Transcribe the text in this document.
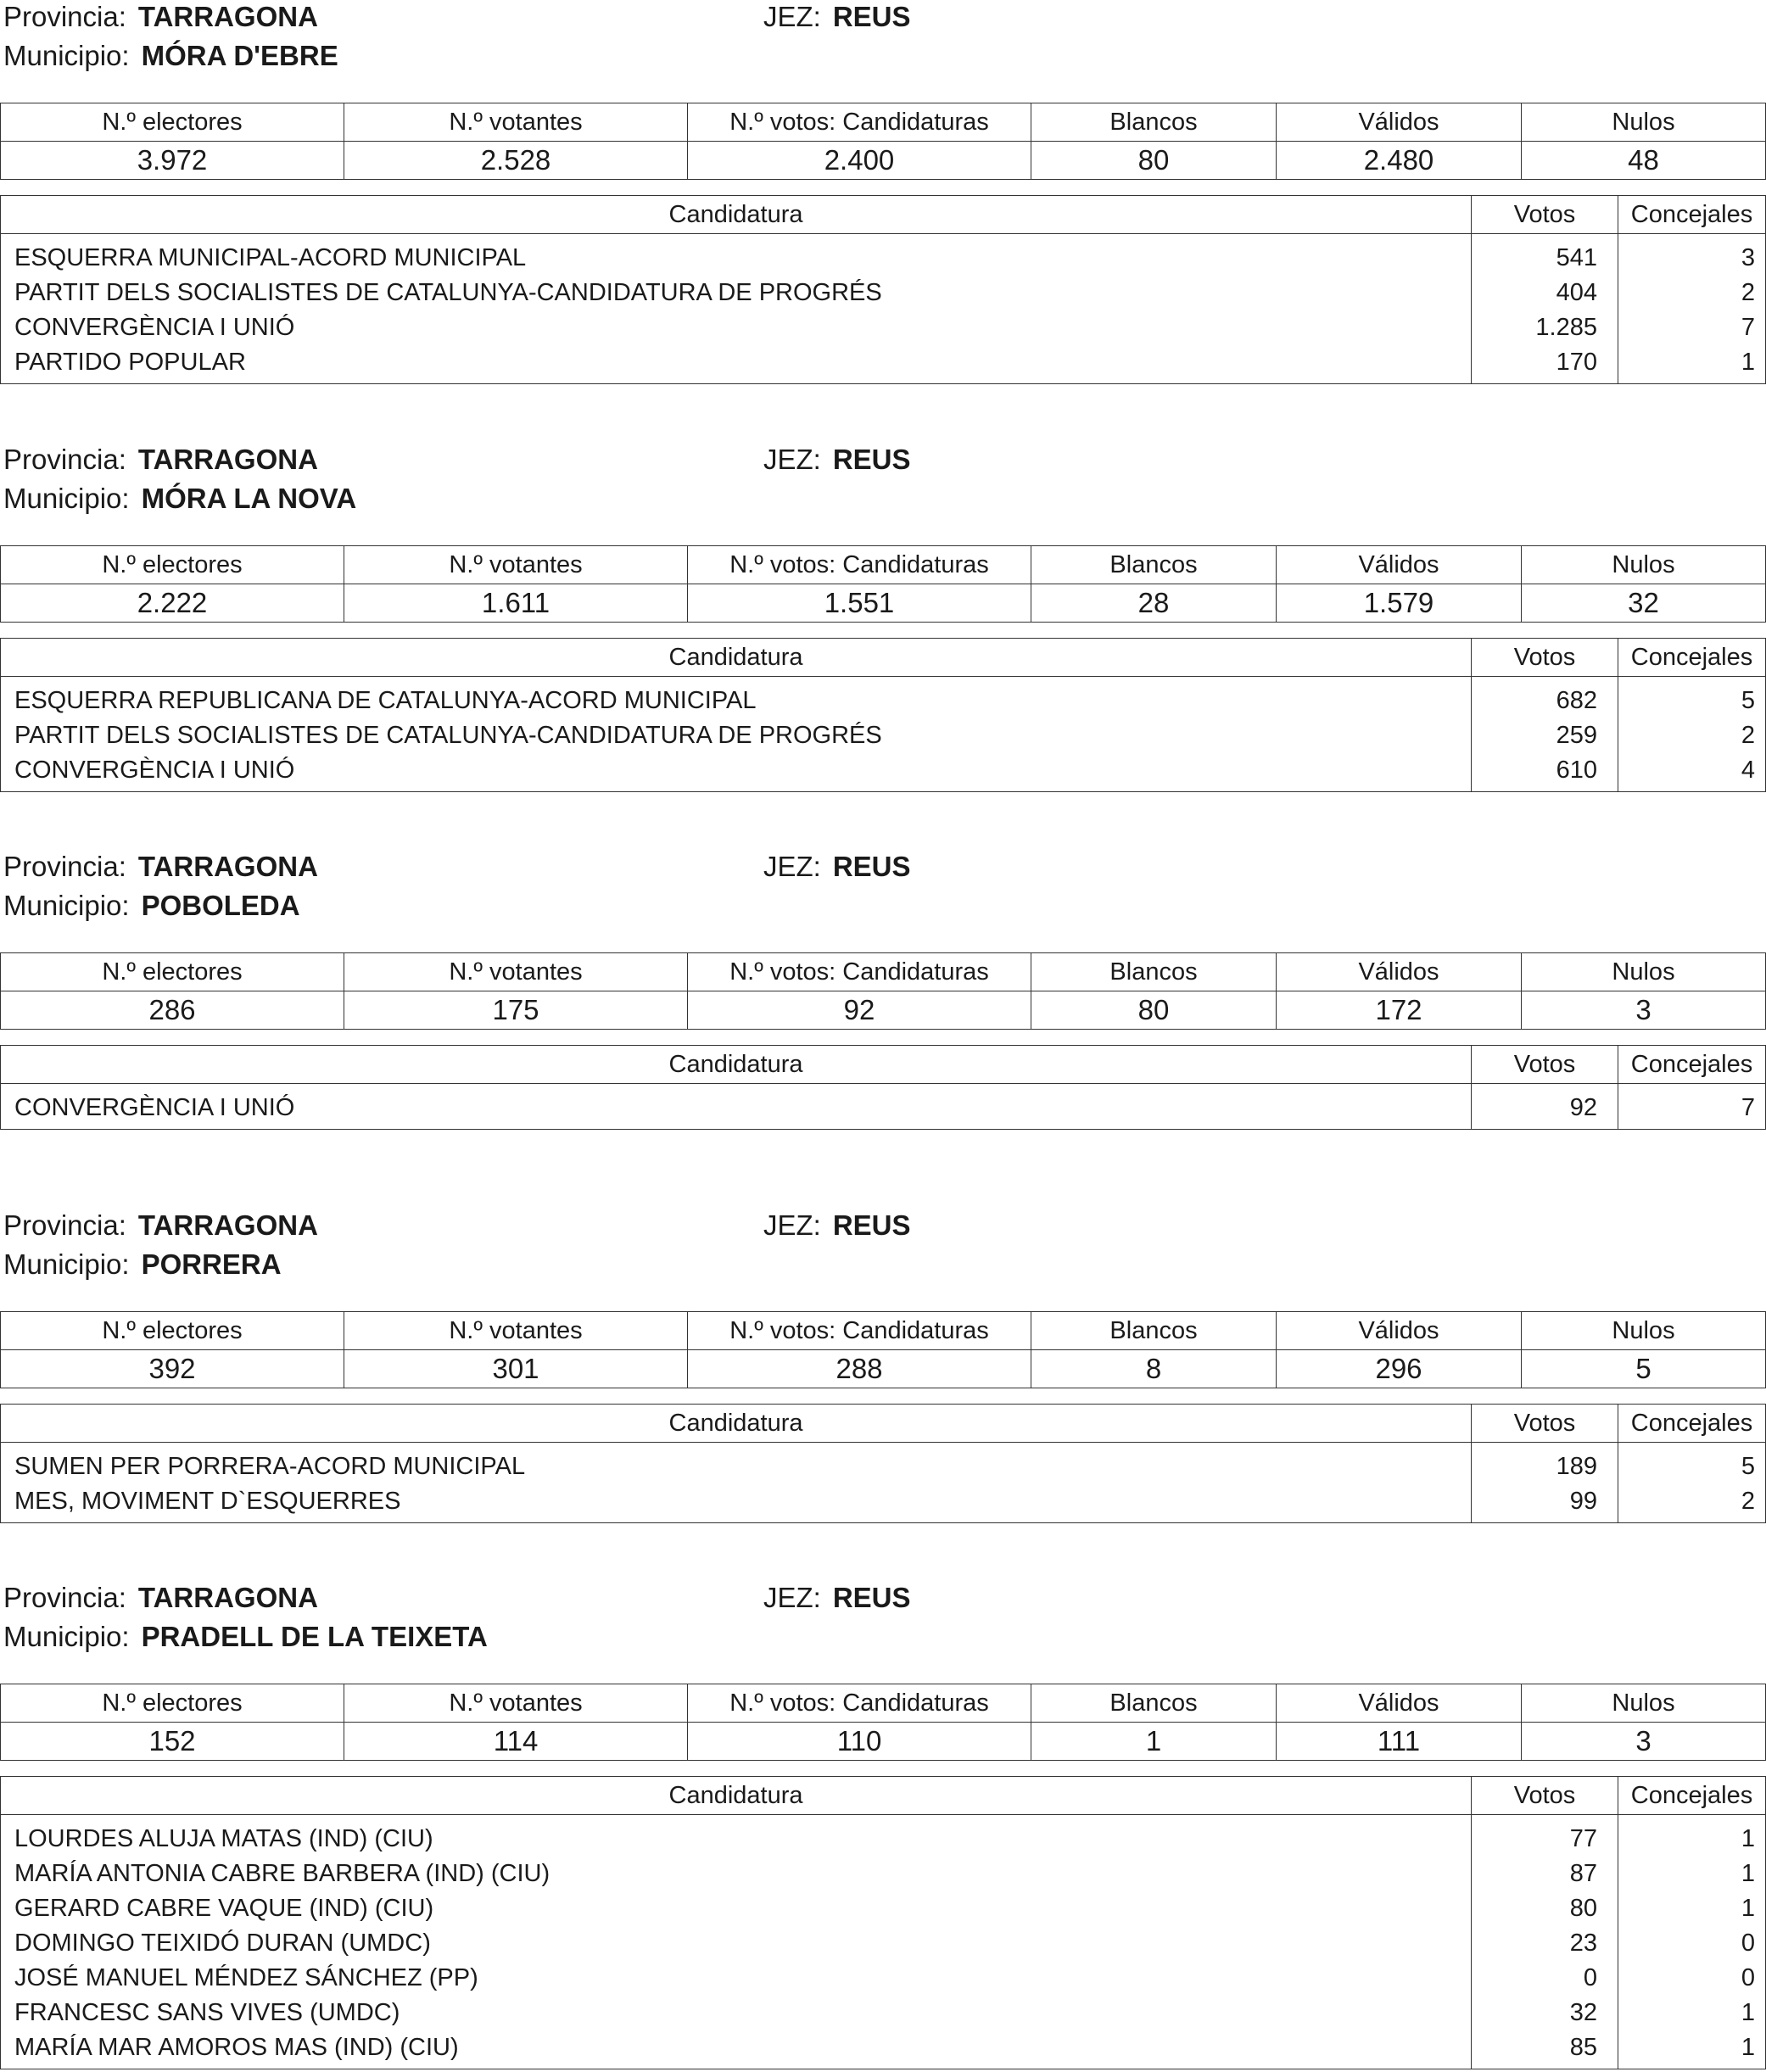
Provincia: TARRAGONA	JEZ: REUS
Municipio: MÓRA D'EBRE
N.º electores	N.º votantes	N.º votos: Candidaturas	Blancos	Válidos	Nulos
3.972	2.528	2.400	80	2.480	48
Candidatura	Votos	Concejales

ESQUERRA MUNICIPAL-ACORD MUNICIPAL	541	3
PARTIT DELS SOCIALISTES DE CATALUNYA-CANDIDATURA DE PROGRÉS	404	2
CONVERGÈNCIA I UNIÓ	1.285	7
PARTIDO POPULAR	170	1

Provincia: TARRAGONA	JEZ: REUS
Municipio: MÓRA LA NOVA
N.º electores	N.º votantes	N.º votos: Candidaturas	Blancos	Válidos	Nulos
2.222	1.611	1.551	28	1.579	32
Candidatura	Votos	Concejales

ESQUERRA REPUBLICANA DE CATALUNYA-ACORD MUNICIPAL	682	5
PARTIT DELS SOCIALISTES DE CATALUNYA-CANDIDATURA DE PROGRÉS	259	2
CONVERGÈNCIA I UNIÓ	610	4

Provincia: TARRAGONA	JEZ: REUS
Municipio: POBOLEDA
N.º electores	N.º votantes	N.º votos: Candidaturas	Blancos	Válidos	Nulos
286	175	92	80	172	3
Candidatura	Votos	Concejales

CONVERGÈNCIA I UNIÓ	92	7

Provincia: TARRAGONA	JEZ: REUS
Municipio: PORRERA
N.º electores	N.º votantes	N.º votos: Candidaturas	Blancos	Válidos	Nulos
392	301	288	8	296	5
Candidatura	Votos	Concejales

SUMEN PER PORRERA-ACORD MUNICIPAL	189	5
MES, MOVIMENT D`ESQUERRES	99	2

Provincia: TARRAGONA	JEZ: REUS
Municipio: PRADELL DE LA TEIXETA
N.º electores	N.º votantes	N.º votos: Candidaturas	Blancos	Válidos	Nulos
152	114	110	1	111	3
Candidatura	Votos	Concejales

LOURDES ALUJA MATAS (IND) (CIU)	77	1
MARÍA ANTONIA CABRE BARBERA (IND) (CIU)	87	1
GERARD CABRE VAQUE (IND) (CIU)	80	1
DOMINGO TEIXIDÓ DURAN (UMDC)	23	0
JOSÉ MANUEL MÉNDEZ SÁNCHEZ (PP)	0	0
FRANCESC SANS VIVES (UMDC)	32	1
MARÍA MAR AMOROS MAS (IND) (CIU)	85	1
